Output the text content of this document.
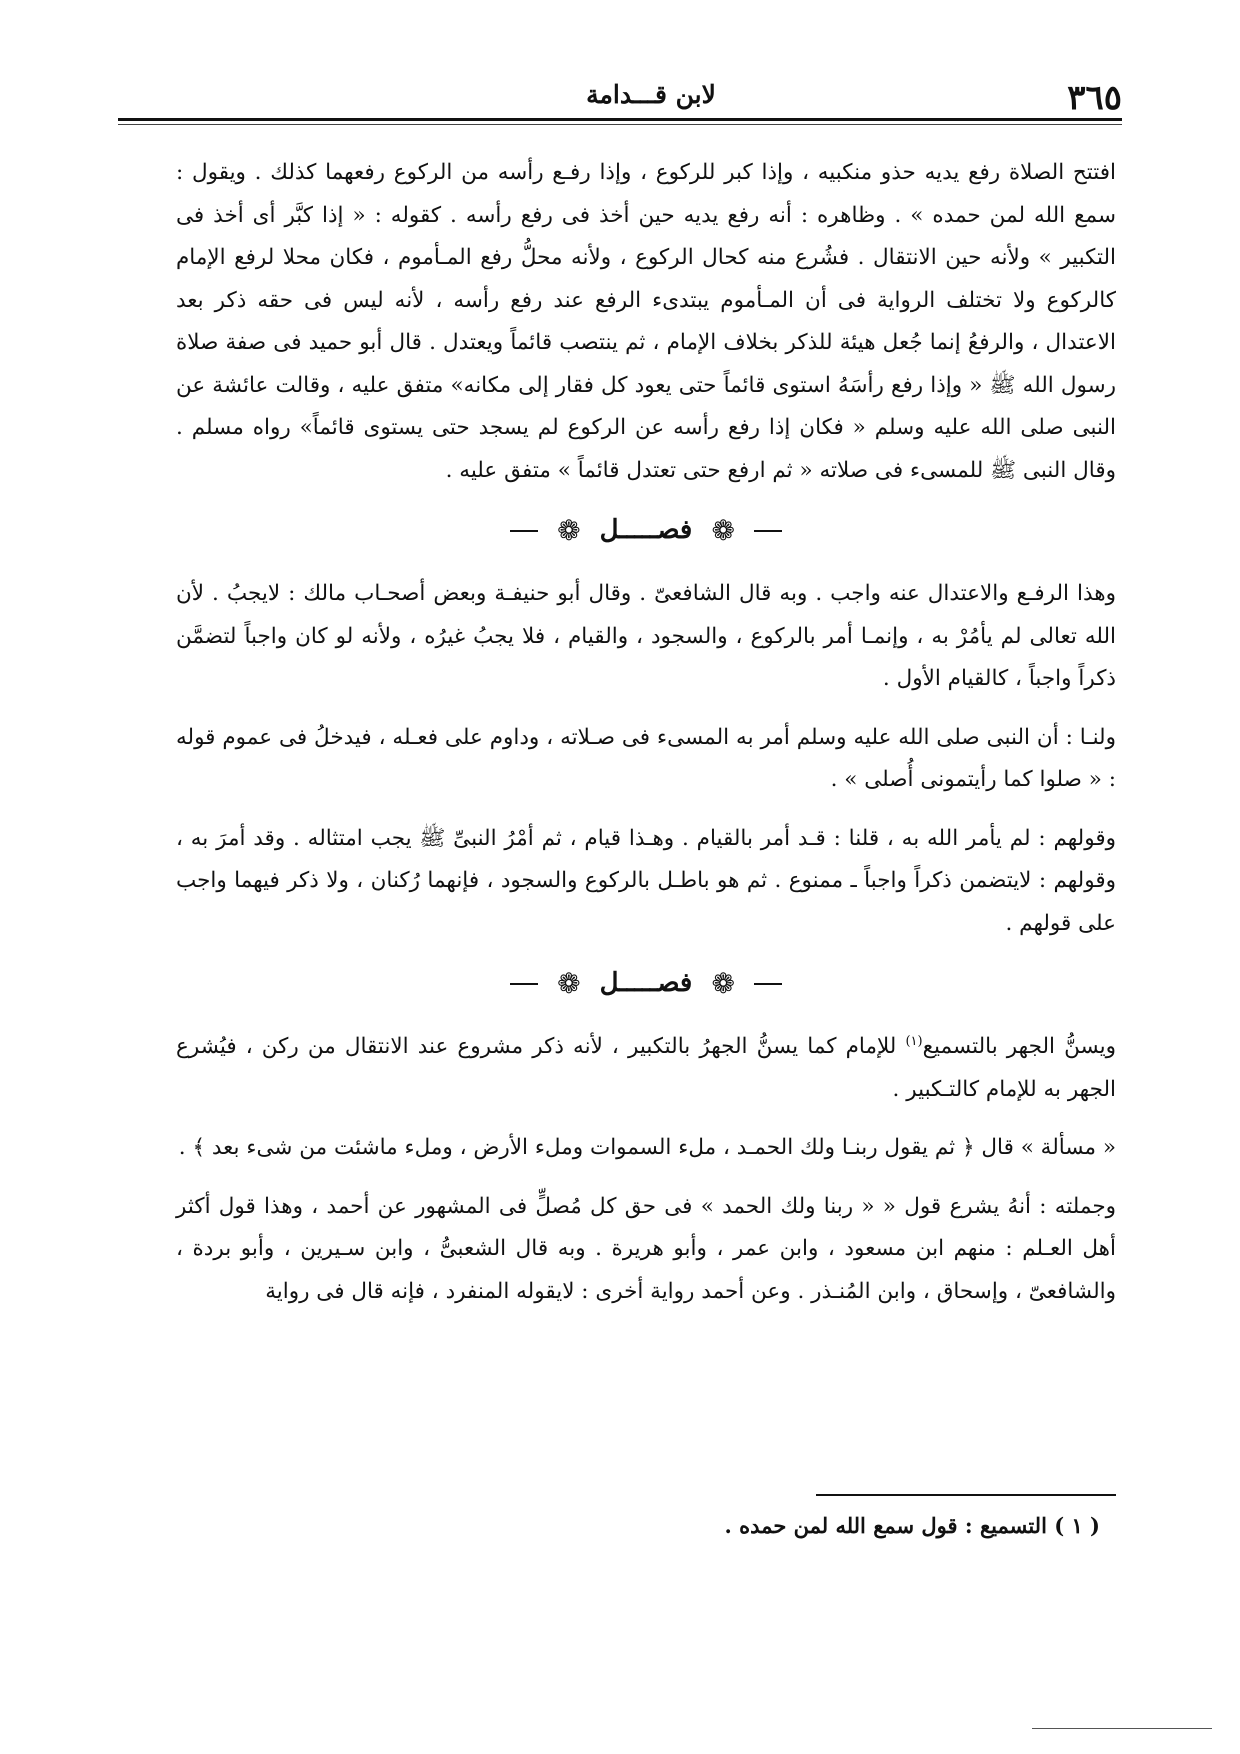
٣٦٥
لابن قـــدامة

افتتح الصلاة رفع يديه حذو منكبيه ، وإذا كبر للركوع ، وإذا رفـع رأسه من الركوع رفعهما كذلك . ويقول : سمع الله لمن حمده » . وظاهره : أنه رفع يديه حين أخذ فى رفع رأسه . كقوله : « إذا كبَّر أى أخذ فى التكبير » ولأنه حين الانتقال . فشُرع منه كحال الركوع ، ولأنه محلُّ رفع المـأموم ، فكان محلا لرفع الإمام كالركوع ولا تختلف الرواية فى أن المـأموم يبتدىء الرفع عند رفع رأسه ، لأنه ليس فى حقه ذكر بعد الاعتدال ، والرفعُ إنما جُعل هيئة للذكر بخلاف الإمام ، ثم ينتصب قائماً ويعتدل . قال أبو حميد فى صفة صلاة رسول الله ﷺ « وإذا رفع رأسَهُ استوى قائماً حتى يعود كل فقار إلى مكانه» متفق عليه ، وقالت عائشة عن النبى صلى الله عليه وسلم « فكان إذا رفع رأسه عن الركوع لم يسجد حتى يستوى قائماً» رواه مسلم . وقال النبى ﷺ للمسىء فى صلاته « ثم ارفع حتى تعتدل قائماً » متفق عليه .

❁ فصـــــل ❁

وهذا الرفـع والاعتدال عنه واجب . وبه قال الشافعىّ . وقال أبو حنيفـة وبعض أصحـاب مالك : لايجبُ . لأن الله تعالى لم يأمُرْ به ، وإنمـا أمر بالركوع ، والسجود ، والقيام ، فلا يجبُ غيرُه ، ولأنه لو كان واجباً لتضمَّن ذكراً واجباً ، كالقيام الأول .

ولنـا : أن النبى صلى الله عليه وسلم أمر به المسىء فى صـلاته ، وداوم على فعـله ، فيدخلُ فى عموم قوله : « صلوا كما رأيتمونى أُصلى » .

وقولهم : لم يأمر الله به ، قلنا : قـد أمر بالقيام . وهـذا قيام ، ثم أمْرُ النبىِّ ﷺ يجب امتثاله . وقد أمرَ به ، وقولهم : لايتضمن ذكراً واجباً ـ ممنوع . ثم هو باطـل بالركوع والسجود ، فإنهما رُكنان ، ولا ذكر فيهما واجب على قولهم .

❁ فصـــــل ❁

ويسنُّ الجهر بالتسميع$^{(١)}$ للإمام كما يسنُّ الجهرُ بالتكبير ، لأنه ذكر مشروع عند الانتقال من ركن ، فيُشرع الجهر به للإمام كالتـكبير .

« مسألة » قال ﴿ ثم يقول ربنـا ولك الحمـد ، ملء السموات وملء الأرض ، وملء ماشئت من شىء بعد ﴾ .

وجملته : أنهُ يشرع قول « « ربنا ولك الحمد » فى حق كل مُصلٍّ فى المشهور عن أحمد ، وهذا قول أكثر أهل العـلم : منهم ابن مسعود ، وابن عمر ، وأبو هريرة . وبه قال الشعبىُّ ، وابن سـيرين ، وأبو بردة ، والشافعىّ ، وإسحاق ، وابن المُنـذر . وعن أحمد رواية أخرى : لايقوله المنفرد ، فإنه قال فى رواية

( ١ ) التسميع : قول سمع الله لمن حمده .
